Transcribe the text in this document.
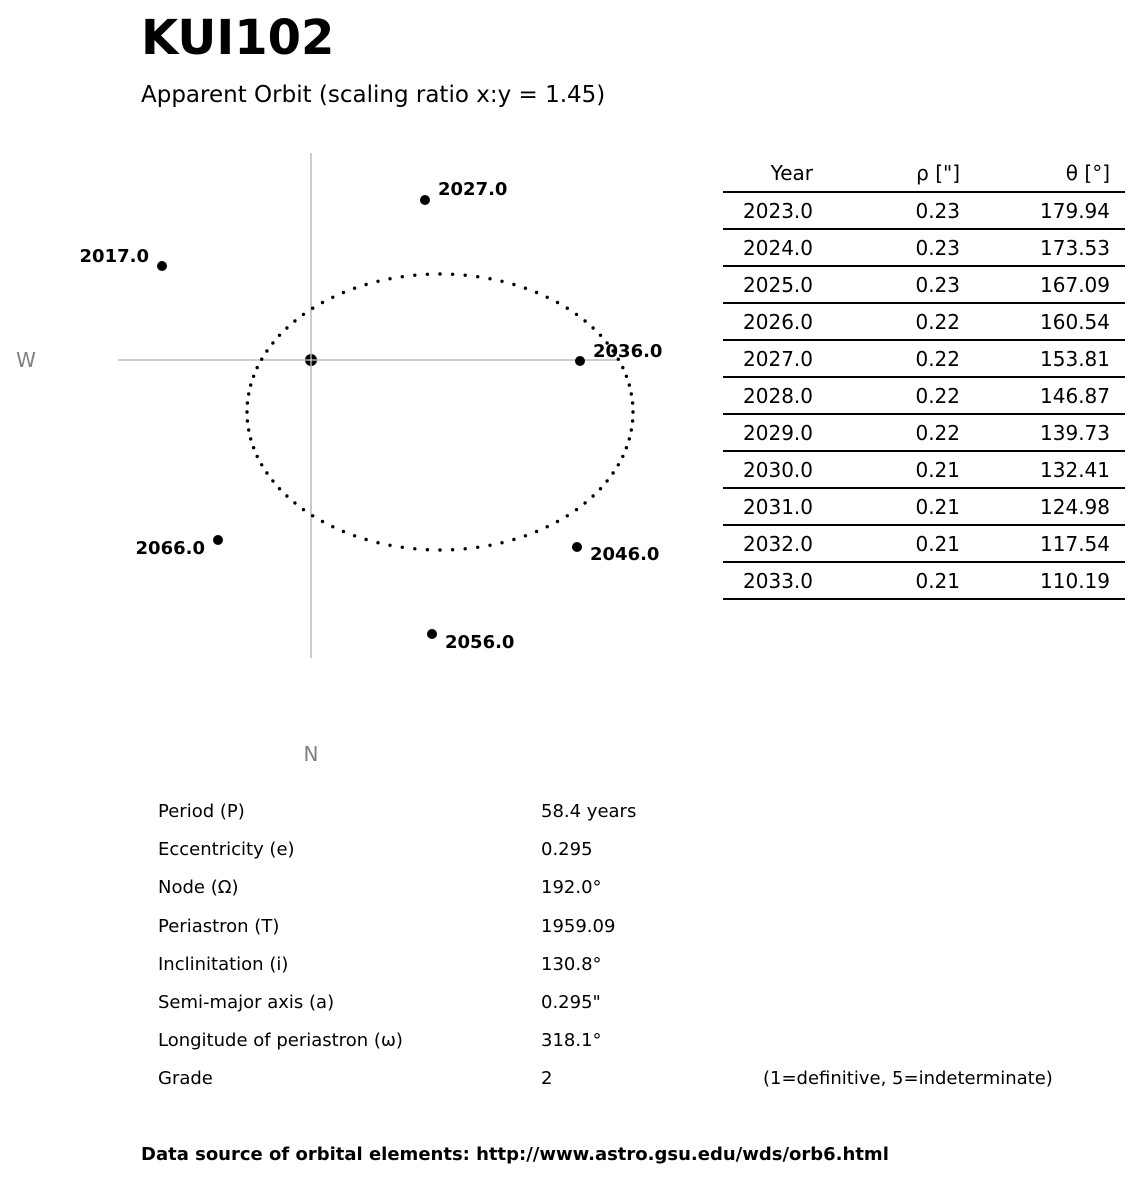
KUI102
Apparent Orbit (scaling ratio x:y = 1.45)
2017.0
2027.0
2036.0
2046.0
2056.0
2066.0
W
N
Year	ρ ["]	θ [°]
2023.0	0.23	179.94
2024.0	0.23	173.53
2025.0	0.23	167.09
2026.0	0.22	160.54
2027.0	0.22	153.81
2028.0	0.22	146.87
2029.0	0.22	139.73
2030.0	0.21	132.41
2031.0	0.21	124.98
2032.0	0.21	117.54
2033.0	0.21	110.19
Period (P)	58.4 years
Eccentricity (e)	0.295
Node (Ω)	192.0°
Periastron (T)	1959.09
Inclinitation (i)	130.8°
Semi-major axis (a)	0.295"
Longitude of periastron (ω)	318.1°
Grade	2	(1=definitive, 5=indeterminate)
Data source of orbital elements: http://www.astro.gsu.edu/wds/orb6.html
